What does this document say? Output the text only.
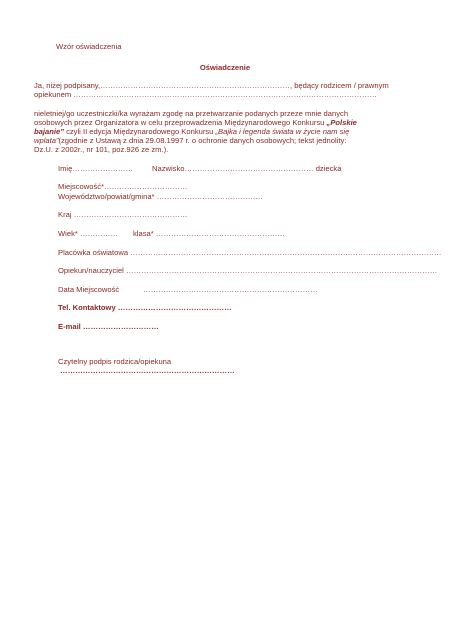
Wzór oświadczenia
Oświadczenie
Ja, niżej podpisany,…………………………………………………………………, będący rodzicem / prawnym
opiekunem …………………………………………………………………………………………………………
nieletniej/go uczestniczki/ka wyrażam zgodę na przetwarzanie podanych przeze mnie danych
osobowych przez Organizatora w celu przeprowadzenia Międzynarodowego Konkursu „Polskie
bajanie” czyli II edycja Międzynarodowego Konkursu „Bajka i legenda świata w życie nam się
wplata”(zgodnie z Ustawą z dnia 29.08.1997 r. o ochronie danych osobowych; tekst jednolity:
Dz.U. z 2002r., nr 101, poz.926 ze zm.).
Imię…………………… Nazwisko…………………………………………… dziecka
Miejscowość*……………………………
Województwo/powiat/gmina* ……………………………………
Kraj ………………………………………
Wiek* …………… klasa* ……………………………………………
Placówka oświatowa ……………………………………………………………………………………………………………
Opiekun/nauczyciel ……………………………………………………………………………………………………………
Data Miejscowość	……………………………………………………………
Tel. Kontaktowy ………………………………………
E-mail …………………………
Czytelny podpis rodzica/opiekuna
……………………………………………………………
